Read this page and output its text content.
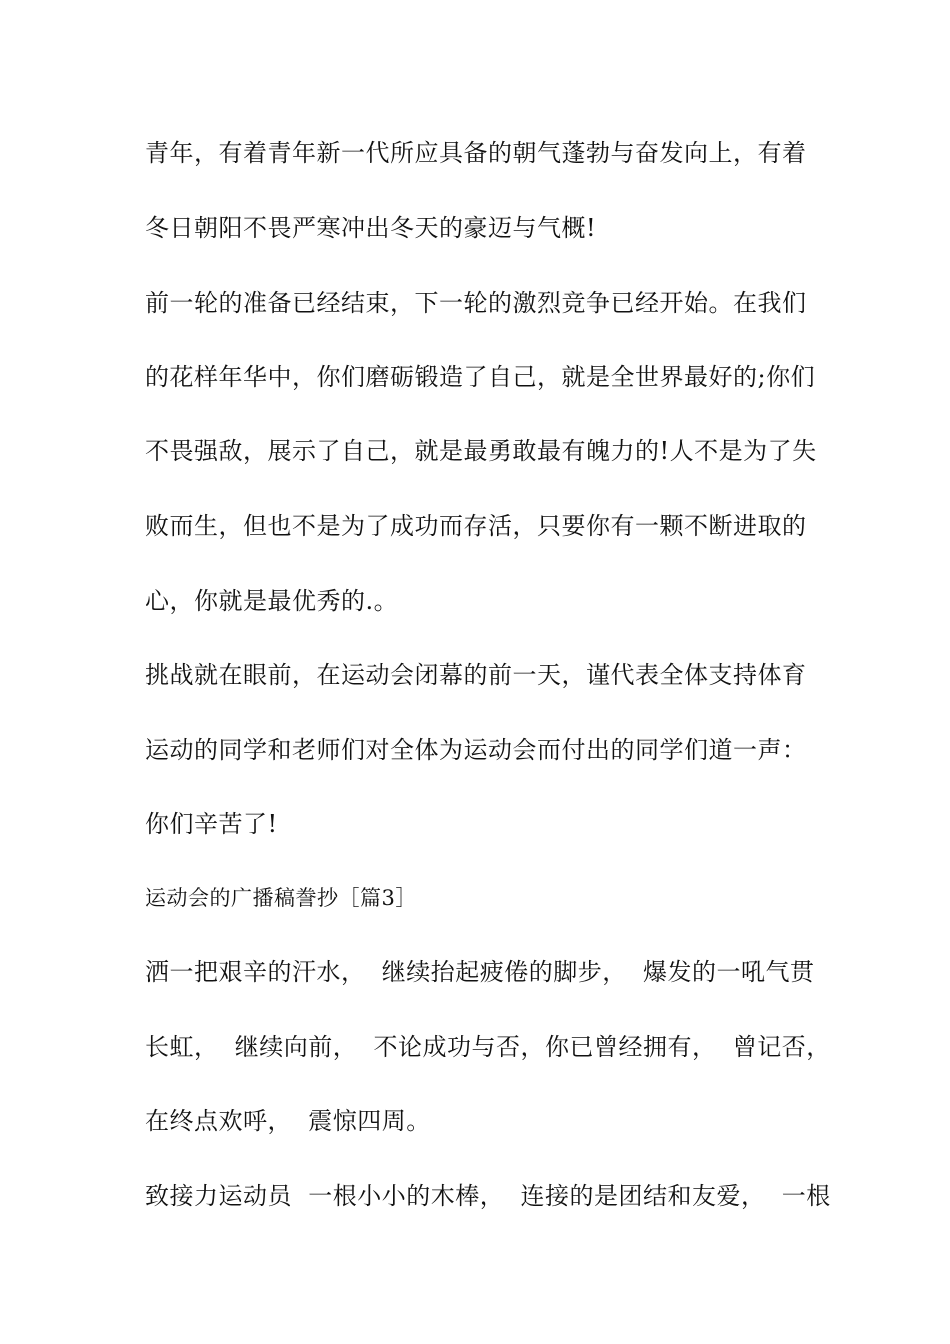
青年，有着青年新一代所应具备的朝气蓬勃与奋发向上，有着
冬日朝阳不畏严寒冲出冬天的豪迈与气概!
前一轮的准备已经结束，下一轮的激烈竞争已经开始。在我们
的花样年华中，你们磨砺锻造了自己，就是全世界最好的;你们
不畏强敌，展示了自己，就是最勇敢最有魄力的!人不是为了失
败而生，但也不是为了成功而存活，只要你有一颗不断进取的
心，你就是最优秀的.。
挑战就在眼前，在运动会闭幕的前一天，谨代表全体支持体育
运动的同学和老师们对全体为运动会而付出的同学们道一声：
你们辛苦了!
运动会的广播稿誊抄［篇3］
洒一把艰辛的汗水，  继续抬起疲倦的脚步，  爆发的一吼气贯
长虹，  继续向前，  不论成功与否，你已曾经拥有，  曾记否，
在终点欢呼，  震惊四周。
致接力运动员  一根小小的木棒，  连接的是团结和友爱，  一根
